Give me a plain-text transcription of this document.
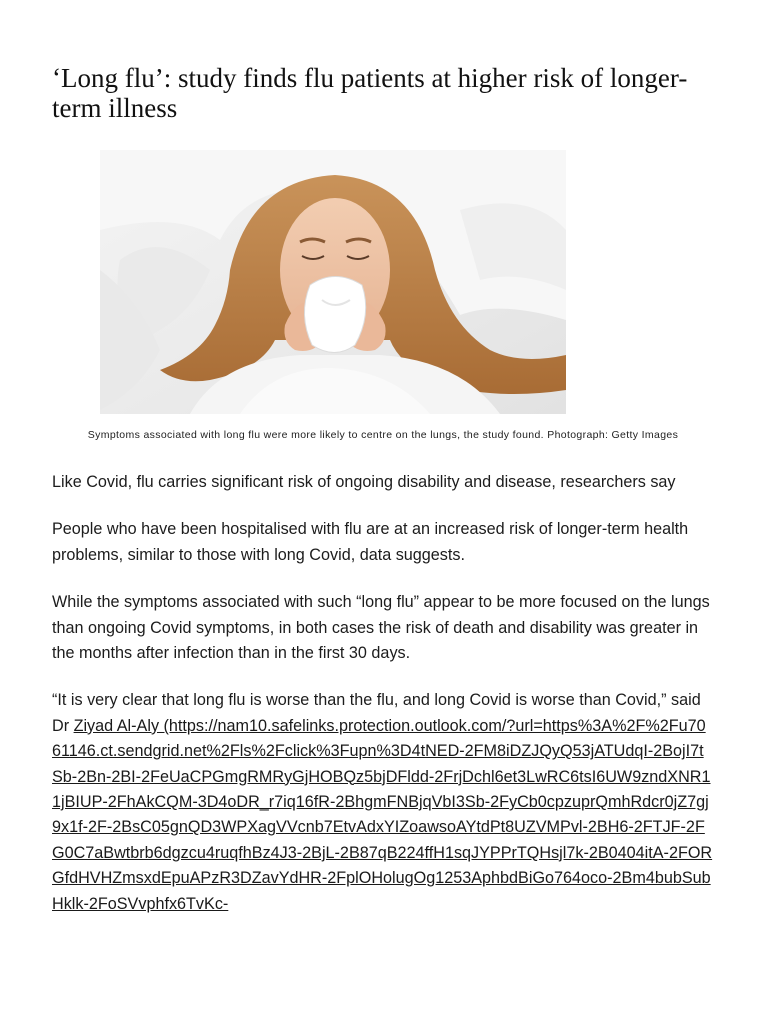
‘Long flu’: study finds flu patients at higher risk of longer-term illness
Symptoms associated with long flu were more likely to centre on the lungs, the study found. Photograph: Getty Images

Like Covid, flu carries significant risk of ongoing disability and disease, researchers say

People who have been hospitalised with flu are at an increased risk of longer-term health problems, similar to those with long Covid, data suggests.

While the symptoms associated with such “long flu” appear to be more focused on the lungs than ongoing Covid symptoms, in both cases the risk of death and disability was greater in the months after infection than in the first 30 days.

“It is very clear that long flu is worse than the flu, and long Covid is worse than Covid,” said Dr Ziyad Al-Aly (https://nam10.safelinks.protection.outlook.com/?url=https%3A%2F%2Fu7061146.ct.sendgrid.net%2Fls%2Fclick%3Fupn%3D4tNED-2FM8iDZJQyQ53jATUdqI-2BojI7tSb-2Bn-2BI-2FeUaCPGmgRMRyGjHOBQz5bjDFldd-2FrjDchl6et3LwRC6tsI6UW9zndXNR11jBIUP-2FhAkCQM-3D4oDR_r7iq16fR-2BhgmFNBjqVbI3Sb-2FyCb0cpzuprQmhRdcr0jZ7gj9x1f-2F-2BsC05gnQD3WPXagVVcnb7EtvAdxYIZoawsoAYtdPt8UZVMPvl-2BH6-2FTJF-2FG0C7aBwtbrb6dgzcu4ruqfhBz4J3-2BjL-2B87qB224ffH1sqJYPPrTQHsjl7k-2B0404itA-2FORGfdHVHZmsxdEpuAPzR3DZavYdHR-2FplOHolugOg1253AphbdBiGo764oco-2Bm4bubSubHklk-2FoSVvphfx6TvKc-
